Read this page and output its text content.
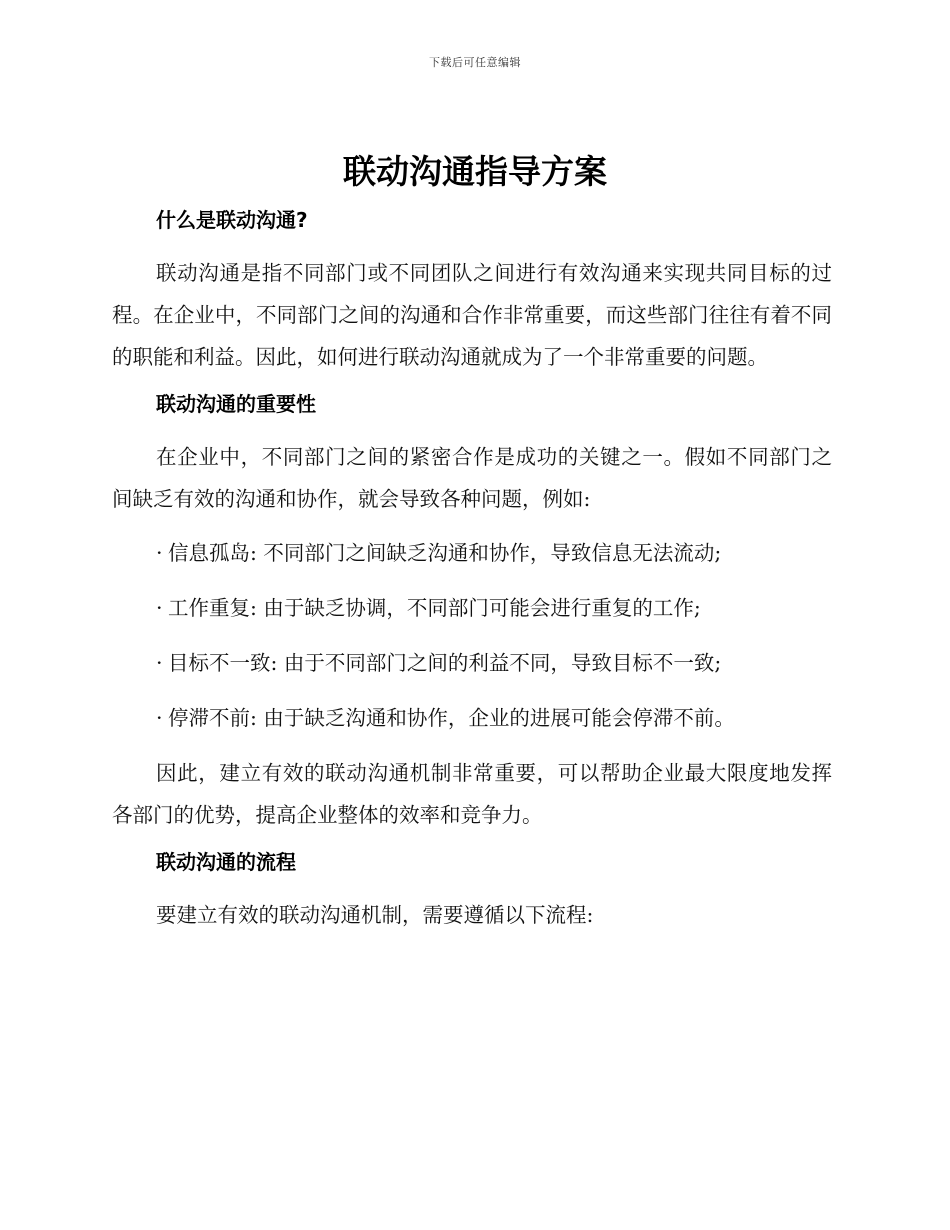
下载后可任意编辑
联动沟通指导方案
什么是联动沟通?

联动沟通是指不同部门或不同团队之间进行有效沟通来实现共同目标的过程。在企业中，不同部门之间的沟通和合作非常重要，而这些部门往往有着不同的职能和利益。因此，如何进行联动沟通就成为了一个非常重要的问题。

联动沟通的重要性

在企业中，不同部门之间的紧密合作是成功的关键之一。假如不同部门之间缺乏有效的沟通和协作，就会导致各种问题，例如:

· 信息孤岛: 不同部门之间缺乏沟通和协作，导致信息无法流动;
· 工作重复: 由于缺乏协调，不同部门可能会进行重复的工作;
· 目标不一致: 由于不同部门之间的利益不同，导致目标不一致;
· 停滞不前: 由于缺乏沟通和协作，企业的进展可能会停滞不前。

因此，建立有效的联动沟通机制非常重要，可以帮助企业最大限度地发挥各部门的优势，提高企业整体的效率和竞争力。

联动沟通的流程

要建立有效的联动沟通机制，需要遵循以下流程:
